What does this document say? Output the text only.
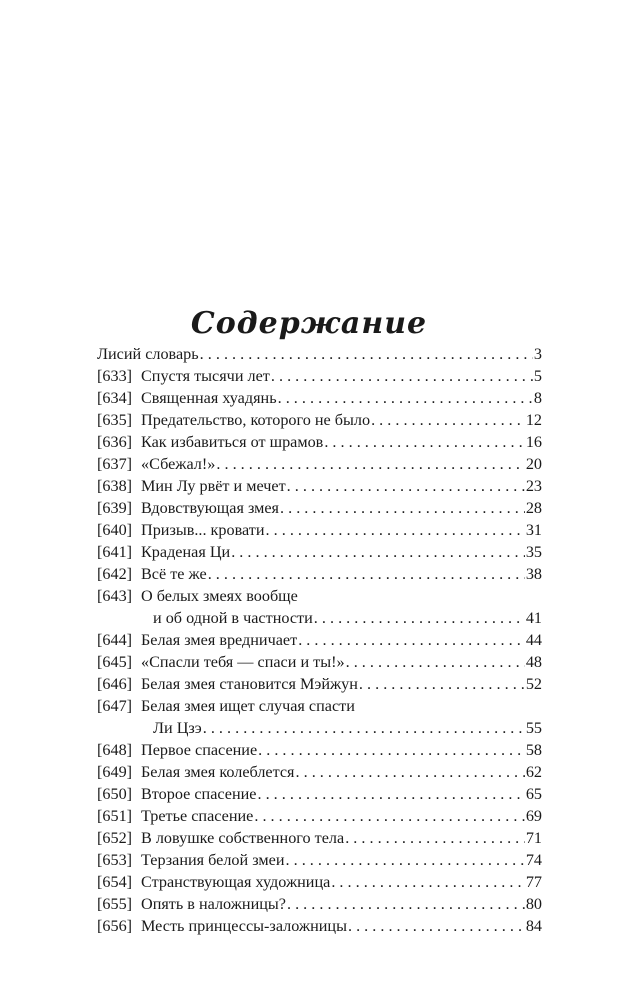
Содержание
Лисий словарь . . .	3
[633] Спустя тысячи лет . . .	5
[634] Священная хуадянь . . .	8
[635] Предательство, которого не было . . .	12
[636] Как избавиться от шрамов . . .	16
[637] «Сбежал!» . . .	20
[638] Мин Лу рвёт и мечет . . .	23
[639] Вдовствующая змея . . .	28
[640] Призыв... кровати . . .	31
[641] Краденая Ци . . .	35
[642] Всё те же . . .	38
[643] О белых змеях вообще
и об одной в частности . . .	41
[644] Белая змея вредничает . . .	44
[645] «Спасли тебя — спаси и ты!» . . .	48
[646] Белая змея становится Мэйжун . . .	52
[647] Белая змея ищет случая спасти
Ли Цзэ . . .	55
[648] Первое спасение . . .	58
[649] Белая змея колеблется . . .	62
[650] Второе спасение . . .	65
[651] Третье спасение . . .	69
[652] В ловушке собственного тела . . .	71
[653] Терзания белой змеи . . .	74
[654] Странствующая художница . . .	77
[655] Опять в наложницы? . . .	80
[656] Месть принцессы-заложницы . . .	84
